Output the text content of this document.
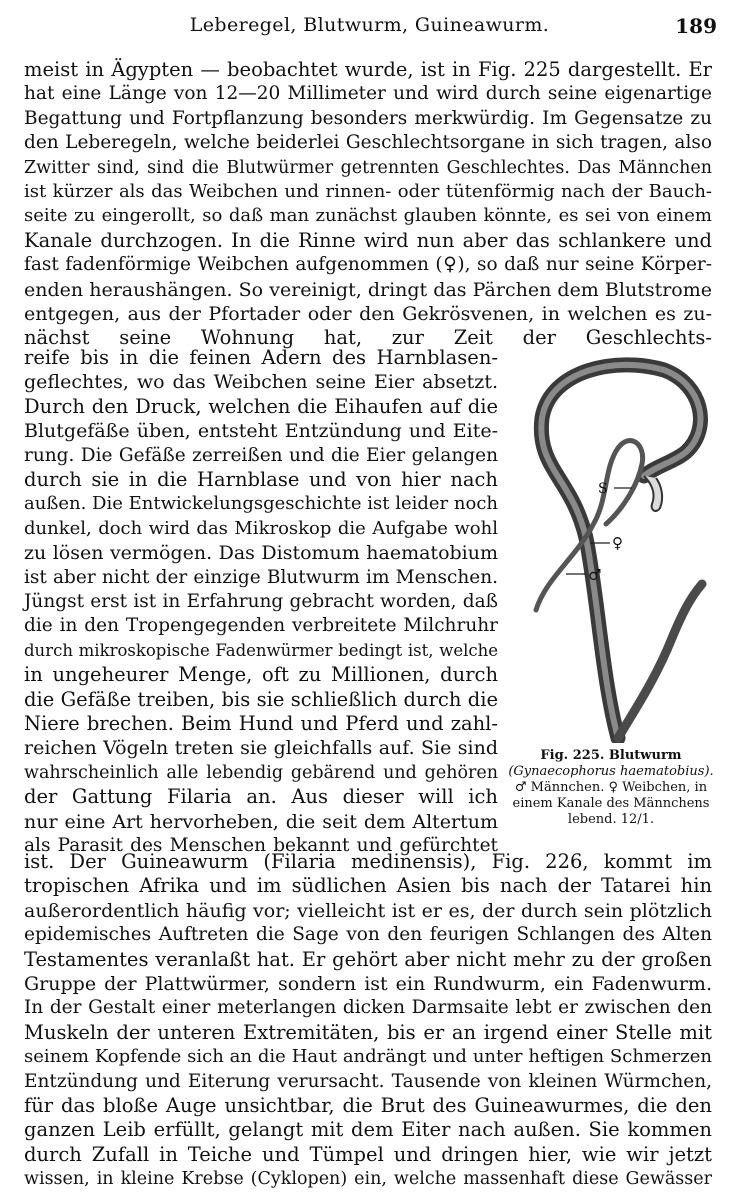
Leberegel, Blutwurm, Guineawurm.	189
meist in Ägypten — beobachtet wurde, ist in Fig. 225 dargestellt. Er
hat eine Länge von 12—20 Millimeter und wird durch seine eigenartige
Begattung und Fortpflanzung besonders merkwürdig. Im Gegensatze zu
den Leberegeln, welche beiderlei Geschlechtsorgane in sich tragen, also
Zwitter sind, sind die Blutwürmer getrennten Geschlechtes. Das Männchen
ist kürzer als das Weibchen und rinnen- oder tütenförmig nach der Bauch-
seite zu eingerollt, so daß man zunächst glauben könnte, es sei von einem
Kanale durchzogen. In die Rinne wird nun aber das schlankere und
fast fadenförmige Weibchen aufgenommen (♀), so daß nur seine Körper-
enden heraushängen. So vereinigt, dringt das Pärchen dem Blutstrome
entgegen, aus der Pfortader oder den Gekrösvenen, in welchen es zu-
nächst seine Wohnung hat, zur Zeit der Geschlechts-
reife bis in die feinen Adern des Harnblasen-
geflechtes, wo das Weibchen seine Eier absetzt.
Durch den Druck, welchen die Eihaufen auf die
Blutgefäße üben, entsteht Entzündung und Eite-
rung. Die Gefäße zerreißen und die Eier gelangen
durch sie in die Harnblase und von hier nach
außen. Die Entwickelungsgeschichte ist leider noch
dunkel, doch wird das Mikroskop die Aufgabe wohl
zu lösen vermögen. Das Distomum haematobium
ist aber nicht der einzige Blutwurm im Menschen.
Jüngst erst ist in Erfahrung gebracht worden, daß
die in den Tropengegenden verbreitete Milchruhr
durch mikroskopische Fadenwürmer bedingt ist, welche
in ungeheurer Menge, oft zu Millionen, durch
die Gefäße treiben, bis sie schließlich durch die
Niere brechen. Beim Hund und Pferd und zahl-
reichen Vögeln treten sie gleichfalls auf. Sie sind
wahrscheinlich alle lebendig gebärend und gehören
der Gattung Filaria an. Aus dieser will ich
nur eine Art hervorheben, die seit dem Altertum
als Parasit des Menschen bekannt und gefürchtet
ist. Der Guineawurm (Filaria medinensis), Fig. 226, kommt im
tropischen Afrika und im südlichen Asien bis nach der Tatarei hin
außerordentlich häufig vor; vielleicht ist er es, der durch sein plötzlich
epidemisches Auftreten die Sage von den feurigen Schlangen des Alten
Testamentes veranlaßt hat. Er gehört aber nicht mehr zu der großen
Gruppe der Plattwürmer, sondern ist ein Rundwurm, ein Fadenwurm.
In der Gestalt einer meterlangen dicken Darmsaite lebt er zwischen den
Muskeln der unteren Extremitäten, bis er an irgend einer Stelle mit
seinem Kopfende sich an die Haut andrängt und unter heftigen Schmerzen
Entzündung und Eiterung verursacht. Tausende von kleinen Würmchen,
für das bloße Auge unsichtbar, die Brut des Guineawurmes, die den
ganzen Leib erfüllt, gelangt mit dem Eiter nach außen. Sie kommen
durch Zufall in Teiche und Tümpel und dringen hier, wie wir jetzt
wissen, in kleine Krebse (Cyklopen) ein, welche massenhaft diese Gewässer
S
♀
♂
Fig. 225. Blutwurm
(Gynaecophorus haematobius).
♂ Männchen. ♀ Weibchen, in
einem Kanale des Männchens
lebend. 12/1.
